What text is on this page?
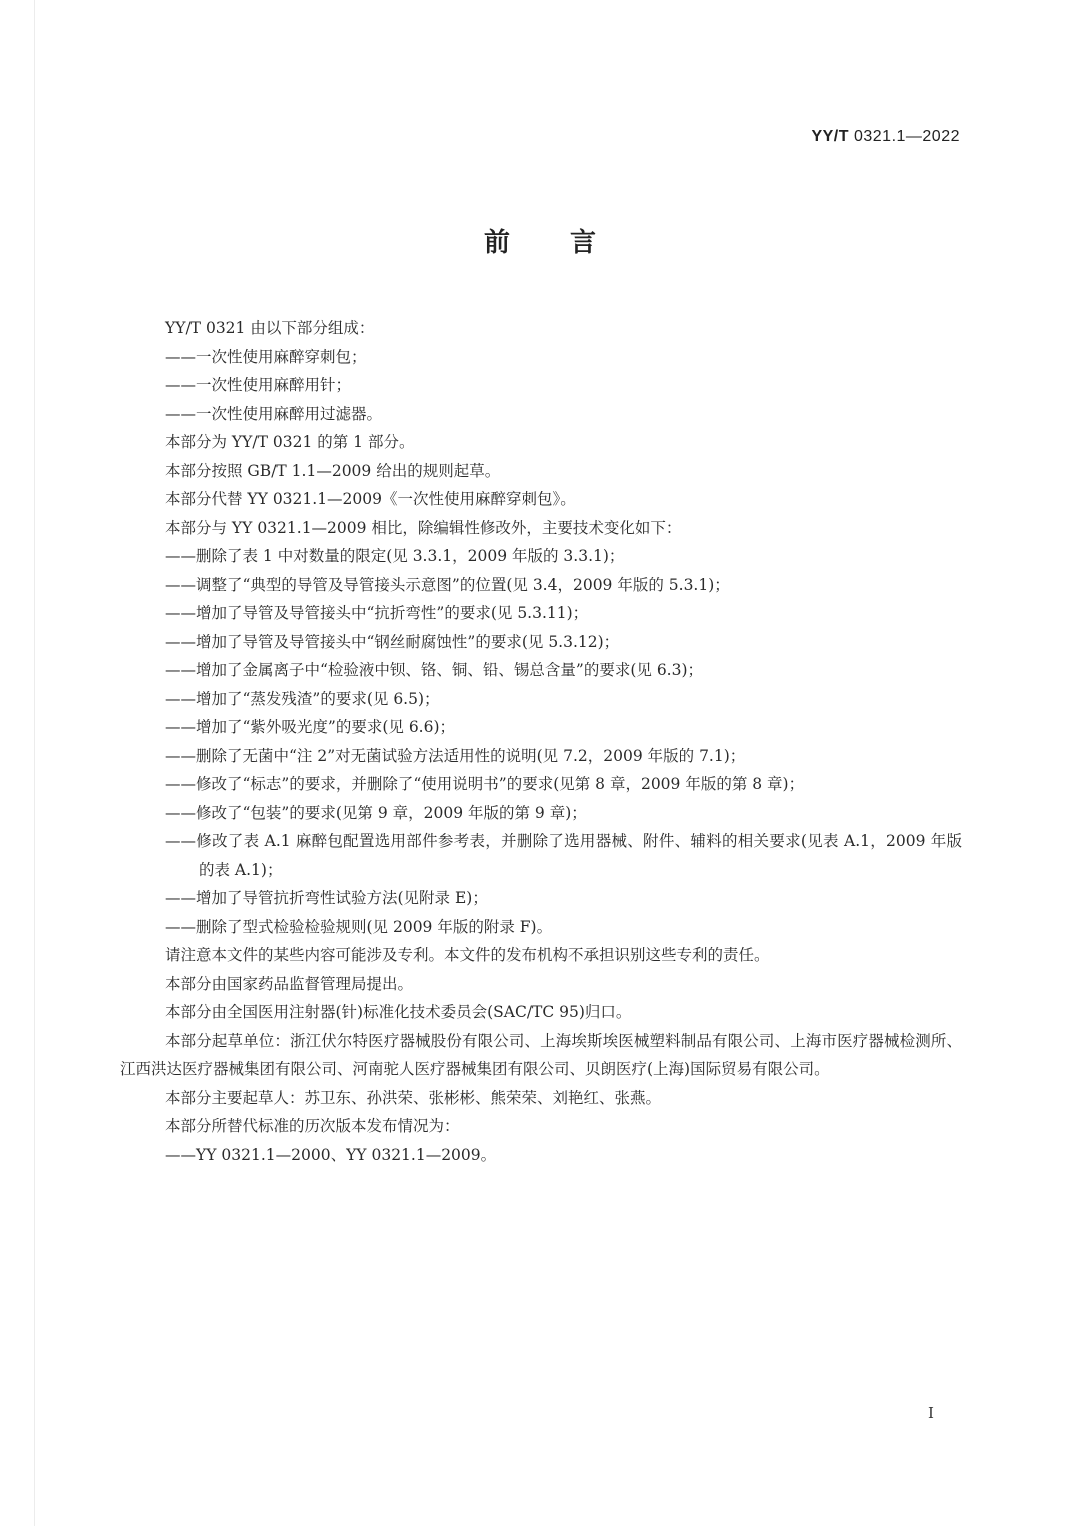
YY/T 0321.1—2022
前言
YY/T 0321 由以下部分组成：
——一次性使用麻醉穿刺包；
——一次性使用麻醉用针；
——一次性使用麻醉用过滤器。
本部分为 YY/T 0321 的第 1 部分。
本部分按照 GB/T 1.1—2009 给出的规则起草。
本部分代替 YY 0321.1—2009《一次性使用麻醉穿刺包》。
本部分与 YY 0321.1—2009 相比，除编辑性修改外，主要技术变化如下：
——删除了表 1 中对数量的限定(见 3.3.1，2009 年版的 3.3.1)；
——调整了“典型的导管及导管接头示意图”的位置(见 3.4，2009 年版的 5.3.1)；
——增加了导管及导管接头中“抗折弯性”的要求(见 5.3.11)；
——增加了导管及导管接头中“钢丝耐腐蚀性”的要求(见 5.3.12)；
——增加了金属离子中“检验液中钡、铬、铜、铅、锡总含量”的要求(见 6.3)；
——增加了“蒸发残渣”的要求(见 6.5)；
——增加了“紫外吸光度”的要求(见 6.6)；
——删除了无菌中“注 2”对无菌试验方法适用性的说明(见 7.2，2009 年版的 7.1)；
——修改了“标志”的要求，并删除了“使用说明书”的要求(见第 8 章，2009 年版的第 8 章)；
——修改了“包装”的要求(见第 9 章，2009 年版的第 9 章)；
——修改了表 A.1 麻醉包配置选用部件参考表，并删除了选用器械、附件、辅料的相关要求(见表 A.1，2009 年版的表 A.1)；
——增加了导管抗折弯性试验方法(见附录 E)；
——删除了型式检验检验规则(见 2009 年版的附录 F)。
请注意本文件的某些内容可能涉及专利。本文件的发布机构不承担识别这些专利的责任。
本部分由国家药品监督管理局提出。
本部分由全国医用注射器(针)标准化技术委员会(SAC/TC 95)归口。
本部分起草单位：浙江伏尔特医疗器械股份有限公司、上海埃斯埃医械塑料制品有限公司、上海市医疗器械检测所、江西洪达医疗器械集团有限公司、河南驼人医疗器械集团有限公司、贝朗医疗(上海)国际贸易有限公司。
本部分主要起草人：苏卫东、孙洪荣、张彬彬、熊荣荣、刘艳红、张燕。
本部分所替代标准的历次版本发布情况为：
——YY 0321.1—2000、YY 0321.1—2009。
I
